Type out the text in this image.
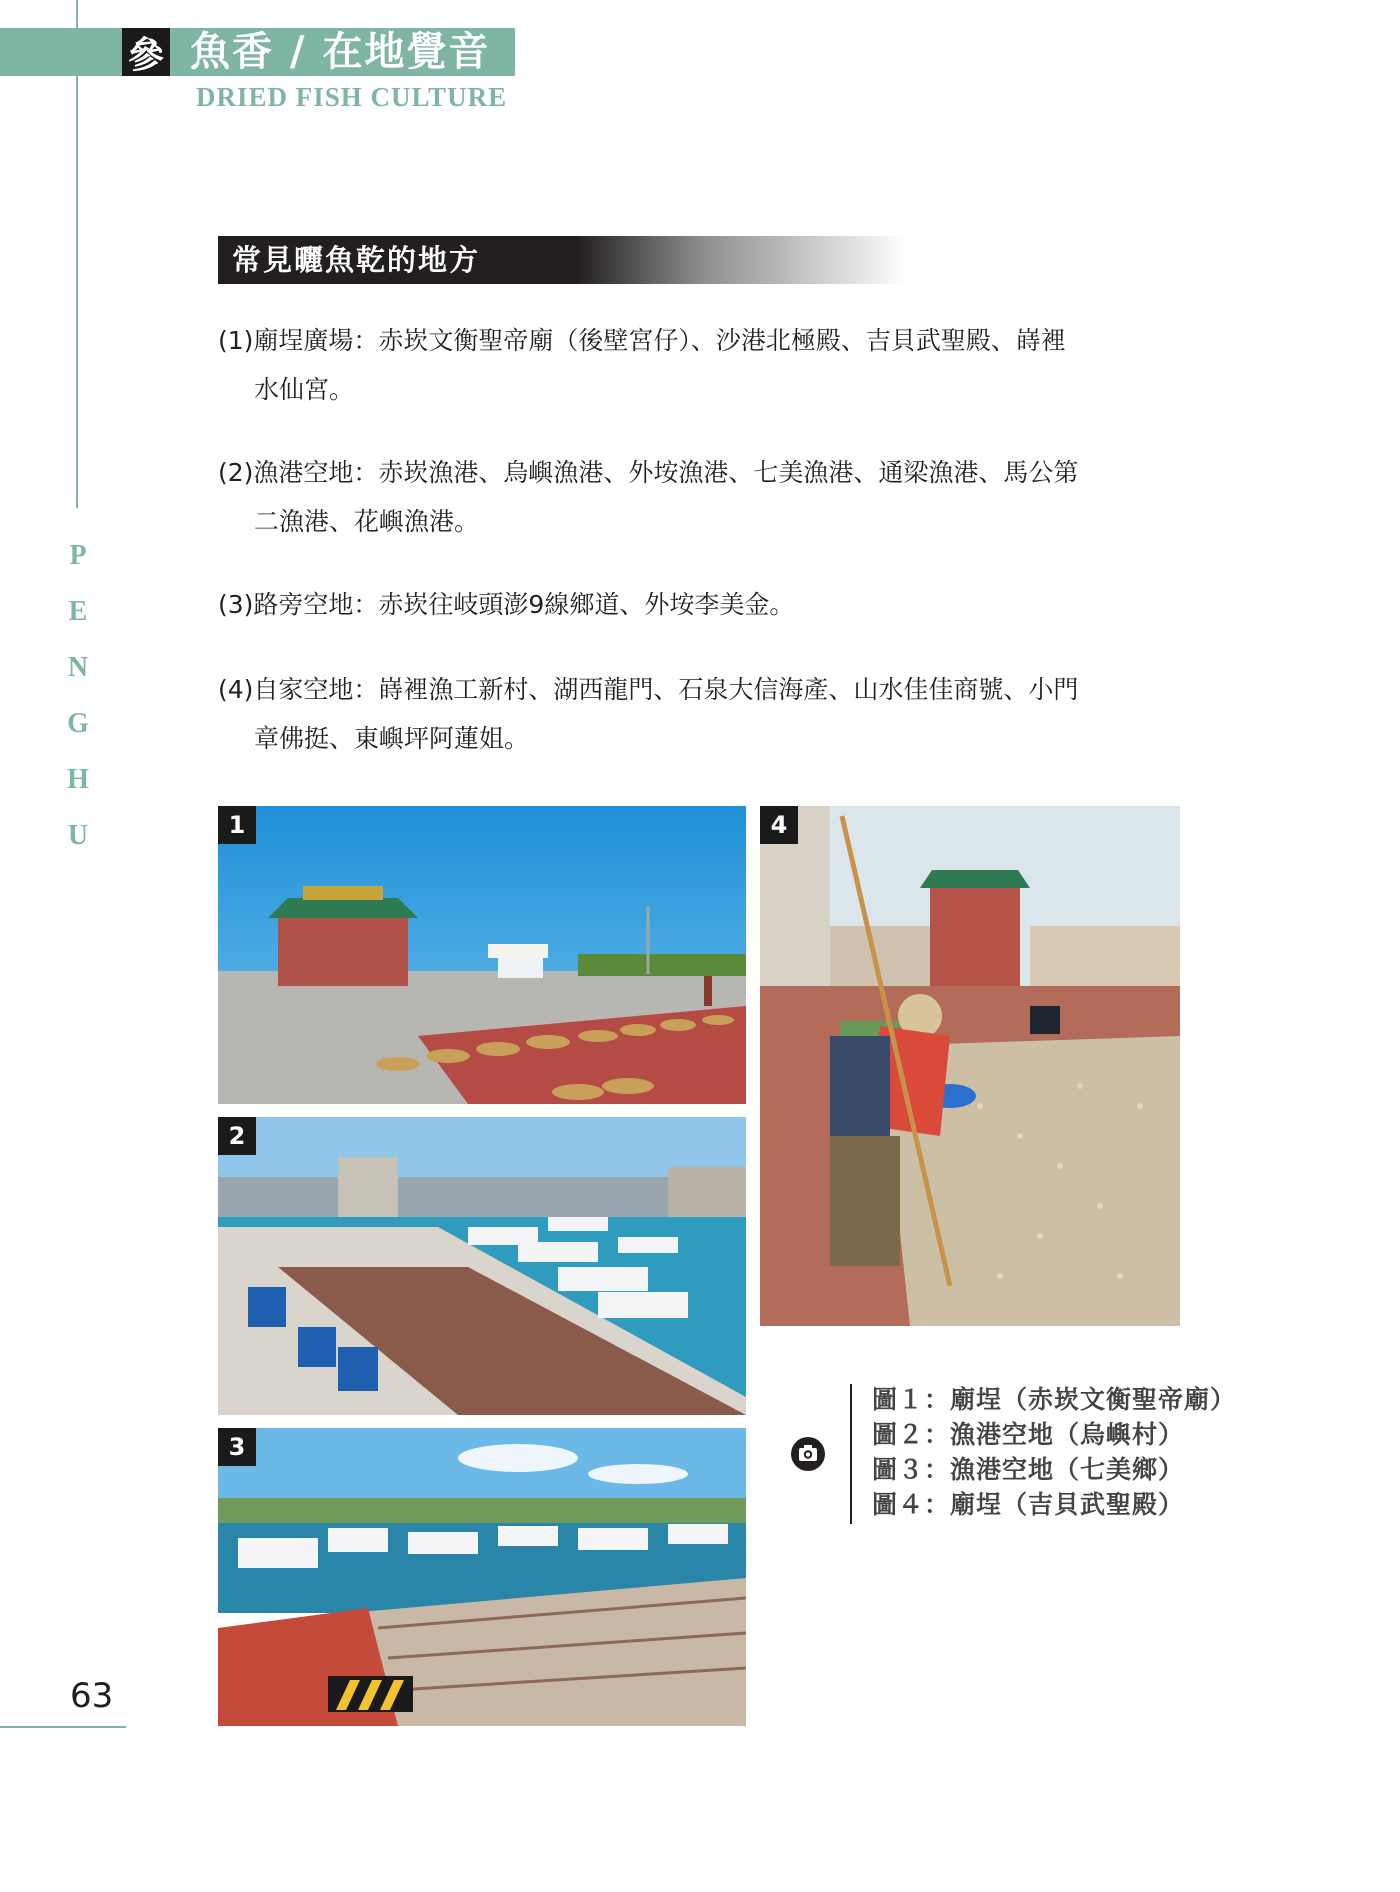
參 魚香 / 在地覺音
DRIED FISH CULTURE
P
E
N
G
H
U
常見曬魚乾的地方
(1)廟埕廣場：赤崁文衡聖帝廟（後壁宮仔）、沙港北極殿、吉貝武聖殿、嵵裡
水仙宮。
(2)漁港空地：赤崁漁港、烏嶼漁港、外垵漁港、七美漁港、通梁漁港、馬公第
二漁港、花嶼漁港。
(3)路旁空地：赤崁往岐頭澎9線鄉道、外垵李美金。
(4)自家空地：嵵裡漁工新村、湖西龍門、石泉大信海產、山水佳佳商號、小門
章佛挺、東嶼坪阿蓮姐。
1
2
3
4
圖１：廟埕（赤崁文衡聖帝廟）
圖２：漁港空地（烏嶼村）
圖３：漁港空地（七美鄉）
圖４：廟埕（吉貝武聖殿）
63
